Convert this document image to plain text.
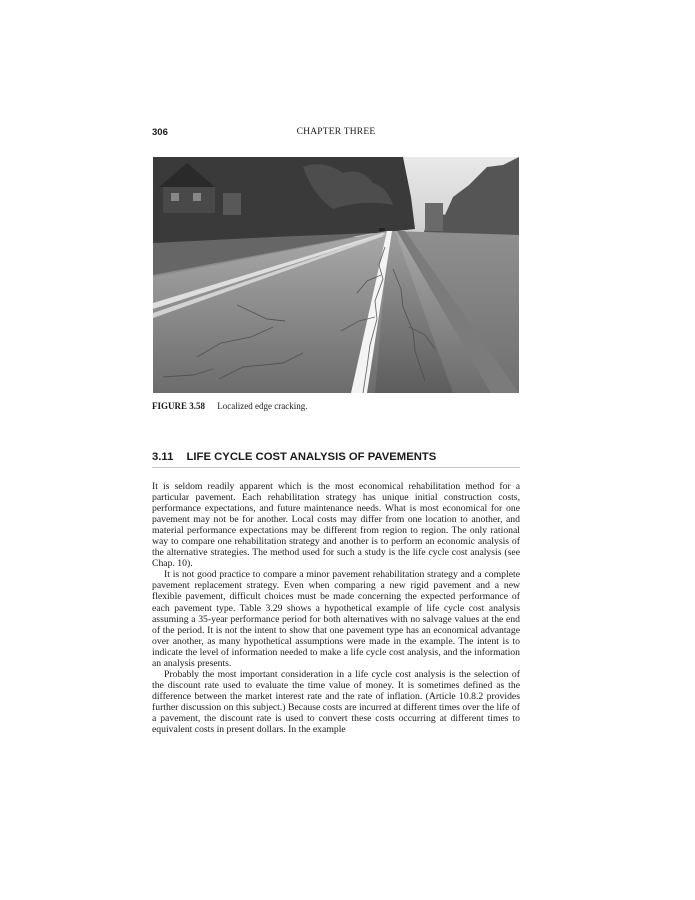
306	CHAPTER THREE
FIGURE 3.58 Localized edge cracking.
3.11 LIFE CYCLE COST ANALYSIS OF PAVEMENTS

It is seldom readily apparent which is the most economical rehabilitation method for a particular pavement. Each rehabilitation strategy has unique initial construction costs, performance expectations, and future maintenance needs. What is most economical for one pavement may not be for another. Local costs may differ from one location to another, and material performance expectations may be different from region to region. The only rational way to compare one rehabilitation strategy and another is to perform an economic analysis of the alternative strategies. The method used for such a study is the life cycle cost analysis (see Chap. 10).

It is not good practice to compare a minor pavement rehabilitation strategy and a complete pavement replacement strategy. Even when comparing a new rigid pavement and a new flexible pavement, difficult choices must be made concerning the expected performance of each pavement type. Table 3.29 shows a hypothetical example of life cycle cost analysis assuming a 35-year performance period for both alternatives with no salvage values at the end of the period. It is not the intent to show that one pavement type has an economical advantage over another, as many hypothetical assumptions were made in the example. The intent is to indicate the level of information needed to make a life cycle cost analysis, and the information an analysis presents.

Probably the most important consideration in a life cycle cost analysis is the selection of the discount rate used to evaluate the time value of money. It is sometimes defined as the difference between the market interest rate and the rate of inflation. (Article 10.8.2 provides further discussion on this subject.) Because costs are incurred at different times over the life of a pavement, the discount rate is used to convert these costs occurring at different times to equivalent costs in present dollars. In the example
